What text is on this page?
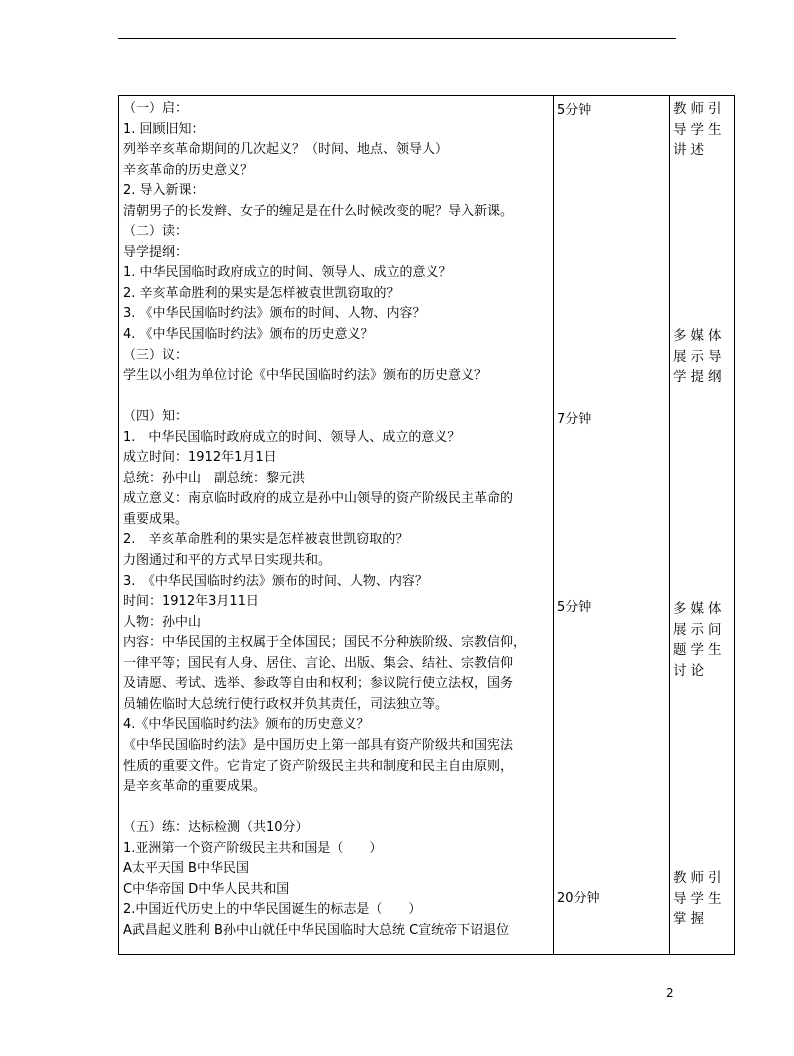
（一）启：
1. 回顾旧知：
列举辛亥革命期间的几次起义？（时间、地点、领导人）
辛亥革命的历史意义？
2. 导入新课：
清朝男子的长发辫、女子的缠足是在什么时候改变的呢？导入新课。
（二）读：
导学提纲：
1. 中华民国临时政府成立的时间、领导人、成立的意义？
2. 辛亥革命胜利的果实是怎样被袁世凯窃取的？
3. 《中华民国临时约法》颁布的时间、人物、内容？
4. 《中华民国临时约法》颁布的历史意义？
（三）议：
学生以小组为单位讨论《中华民国临时约法》颁布的历史意义？
（四）知：
1.　中华民国临时政府成立的时间、领导人、成立的意义？
成立时间：1912年1月1日
总统：孙中山　副总统：黎元洪
成立意义：南京临时政府的成立是孙中山领导的资产阶级民主革命的
重要成果。
2.　辛亥革命胜利的果实是怎样被袁世凯窃取的？
力图通过和平的方式早日实现共和。
3.　《中华民国临时约法》颁布的时间、人物、内容？
时间：1912年3月11日
人物：孙中山
内容：中华民国的主权属于全体国民；国民不分种族阶级、宗教信仰，
一律平等；国民有人身、居住、言论、出版、集会、结社、宗教信仰
及请愿、考试、选举、参政等自由和权利；参议院行使立法权，国务
员辅佐临时大总统行使行政权并负其责任，司法独立等。
4.《中华民国临时约法》颁布的历史意义？
《中华民国临时约法》是中国历史上第一部具有资产阶级共和国宪法
性质的重要文件。它肯定了资产阶级民主共和制度和民主自由原则，
是辛亥革命的重要成果。
（五）练：达标检测（共10分）
1.亚洲第一个资产阶级民主共和国是（　　）
A太平天国 B中华民国
C中华帝国 D中华人民共和国
2.中国近代历史上的中华民国诞生的标志是（　　）
A武昌起义胜利 B孙中山就任中华民国临时大总统 C宣统帝下诏退位
5分钟
7分钟
5分钟
20分钟
教师引导学生讲述
多媒体展示导学提纲
多媒体展示问题学生讨论
教师引导学生掌握
2
